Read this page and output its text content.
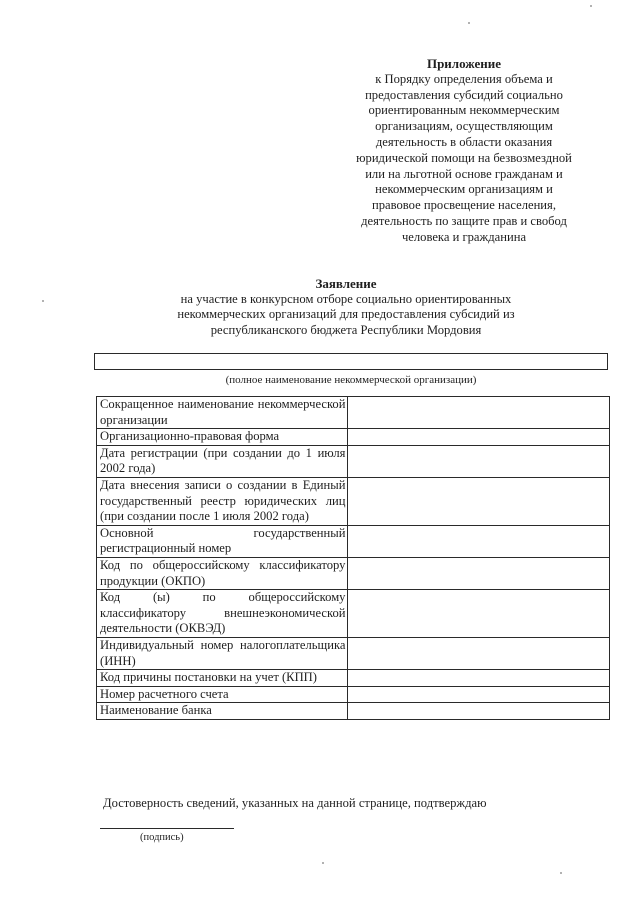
Приложение
к Порядку определения объема и
предоставления субсидий социально
ориентированным некоммерческим
организациям, осуществляющим
деятельность в области оказания
юридической помощи на безвозмездной
или на льготной основе гражданам и
некоммерческим организациям и
правовое просвещение населения,
деятельность по защите прав и свобод
человека и гражданина
Заявление
на участие в конкурсном отборе социально ориентированных
некоммерческих организаций для предоставления субсидий из
республиканского бюджета Республики Мордовия
(полное наименование некоммерческой организации)
Сокращенное наименование некоммерческой организации	
Организационно-правовая форма	
Дата регистрации (при создании до 1 июля 2002 года)	
Дата внесения записи о создании в Единый государственный реестр юридических лиц (при создании после 1 июля 2002 года)	
Основной государственный регистрационный номер	
Код по общероссийскому классификатору продукции (ОКПО)	
Код (ы) по общероссийскому классификатору внешнеэкономической деятельности (ОКВЭД)	
Индивидуальный номер налогоплательщика (ИНН)	
Код причины постановки на учет (КПП)	
Номер расчетного счета	
Наименование банка	
Достоверность сведений, указанных на данной странице, подтверждаю
(подпись)
